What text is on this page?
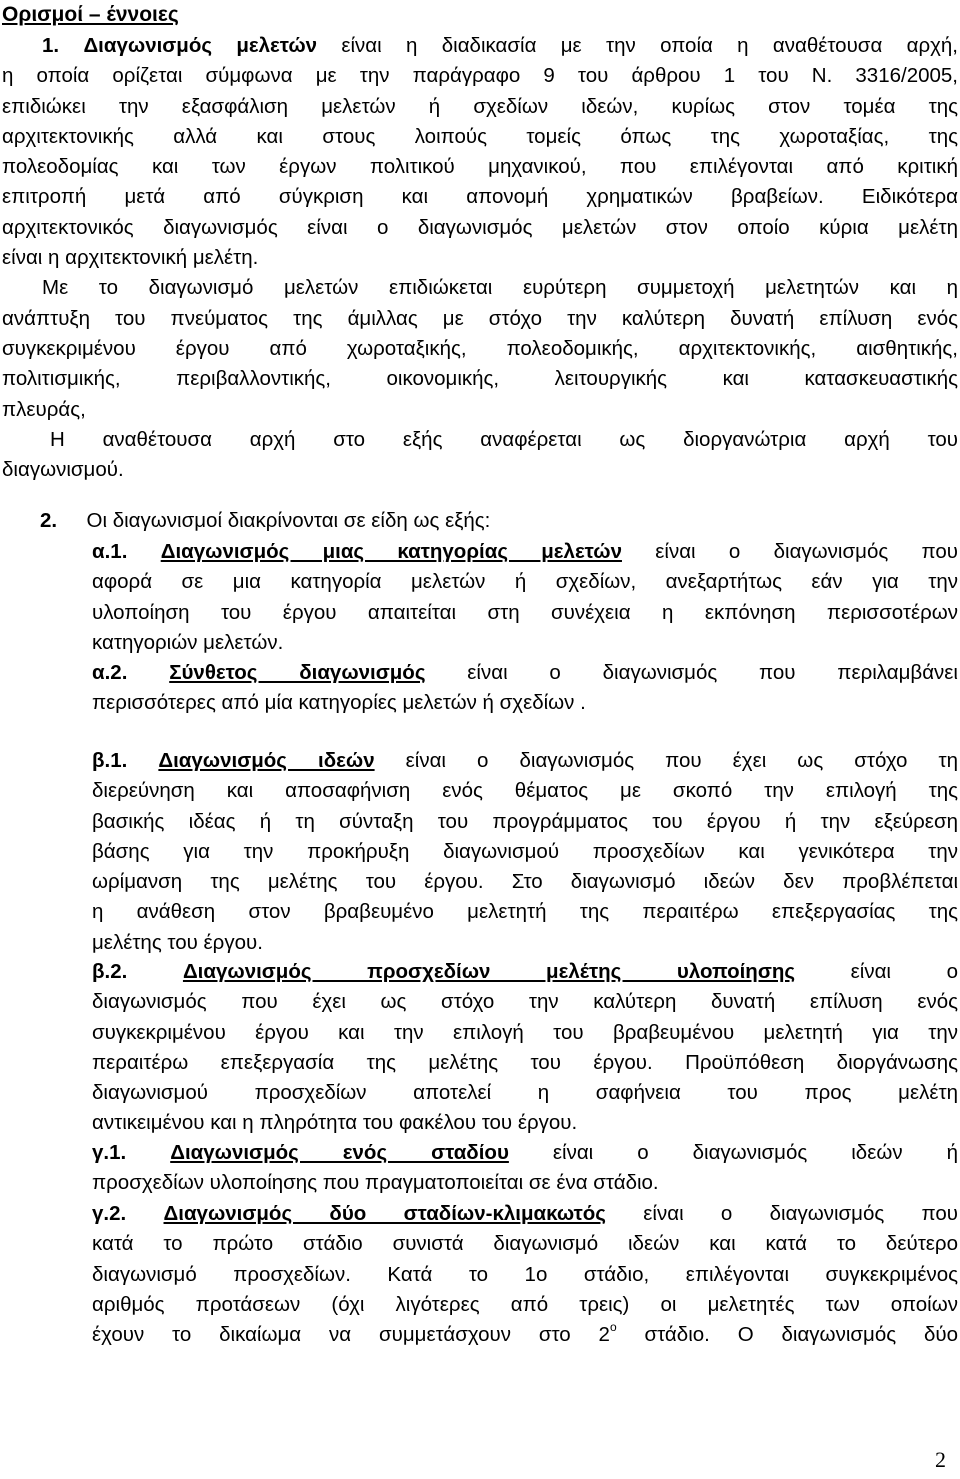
Ορισμοί – έννοιες
1. Διαγωνισμός μελετών είναι η διαδικασία με την οποία η αναθέτουσα αρχή,
η οποία ορίζεται σύμφωνα με την παράγραφο 9 του άρθρου 1 του Ν. 3316/2005,
επιδιώκει την εξασφάλιση μελετών ή σχεδίων ιδεών, κυρίως στον τομέα της
αρχιτεκτονικής αλλά και στους λοιπούς τομείς όπως της χωροταξίας, της
πολεοδομίας και των έργων πολιτικού μηχανικού, που επιλέγονται από κριτική
επιτροπή μετά από σύγκριση και απονομή χρηματικών βραβείων. Ειδικότερα
αρχιτεκτονικός διαγωνισμός είναι ο διαγωνισμός μελετών στον οποίο κύρια μελέτη
είναι η αρχιτεκτονική μελέτη.
Με το διαγωνισμό μελετών επιδιώκεται ευρύτερη συμμετοχή μελετητών και η
ανάπτυξη του πνεύματος της άμιλλας με στόχο την καλύτερη δυνατή επίλυση ενός
συγκεκριμένου έργου από χωροταξικής, πολεοδομικής, αρχιτεκτονικής, αισθητικής,
πολιτισμικής, περιβαλλοντικής, οικονομικής, λειτουργικής και κατασκευαστικής
πλευράς,
Η αναθέτουσα αρχή στο εξής αναφέρεται ως διοργανώτρια αρχή του
διαγωνισμού.
2. Οι διαγωνισμοί διακρίνονται σε είδη ως εξής:
α.1. Διαγωνισμός μιας κατηγορίας μελετών είναι ο διαγωνισμός που
αφορά σε μια κατηγορία μελετών ή σχεδίων, ανεξαρτήτως εάν για την
υλοποίηση του έργου απαιτείται στη συνέχεια η εκπόνηση περισσοτέρων
κατηγοριών μελετών.
α.2. Σύνθετος διαγωνισμός είναι ο διαγωνισμός που περιλαμβάνει
περισσότερες από μία κατηγορίες μελετών ή σχεδίων .
β.1. Διαγωνισμός ιδεών είναι ο διαγωνισμός που έχει ως στόχο τη
διερεύνηση και αποσαφήνιση ενός θέματος με σκοπό την επιλογή της
βασικής ιδέας ή τη σύνταξη του προγράμματος του έργου ή την εξεύρεση
βάσης για την προκήρυξη διαγωνισμού προσχεδίων και γενικότερα την
ωρίμανση της μελέτης του έργου. Στο διαγωνισμό ιδεών δεν προβλέπεται
η ανάθεση στον βραβευμένο μελετητή της περαιτέρω επεξεργασίας της
μελέτης του έργου.
β.2.	Διαγωνισμός προσχεδίων μελέτης υλοποίησης είναι ο
διαγωνισμός που έχει ως στόχο την καλύτερη δυνατή επίλυση ενός
συγκεκριμένου έργου και την επιλογή του βραβευμένου μελετητή για την
περαιτέρω επεξεργασία της μελέτης του έργου. Προϋπόθεση διοργάνωσης
διαγωνισμού προσχεδίων αποτελεί η σαφήνεια του προς μελέτη
αντικειμένου και η πληρότητα του φακέλου του έργου.
γ.1. Διαγωνισμός ενός σταδίου είναι ο διαγωνισμός ιδεών ή
προσχεδίων υλοποίησης που πραγματοποιείται σε ένα στάδιο.
γ.2. Διαγωνισμός δύο σταδίων-κλιμακωτός είναι ο διαγωνισμός που
κατά το πρώτο στάδιο συνιστά διαγωνισμό ιδεών και κατά το δεύτερο
διαγωνισμό προσχεδίων. Κατά το 1ο στάδιο, επιλέγονται συγκεκριμένος
αριθμός προτάσεων (όχι λιγότερες από τρεις) οι μελετητές των οποίων
έχουν το δικαίωμα να συμμετάσχουν στο $2^o$ στάδιο. Ο διαγωνισμός δύο
2
